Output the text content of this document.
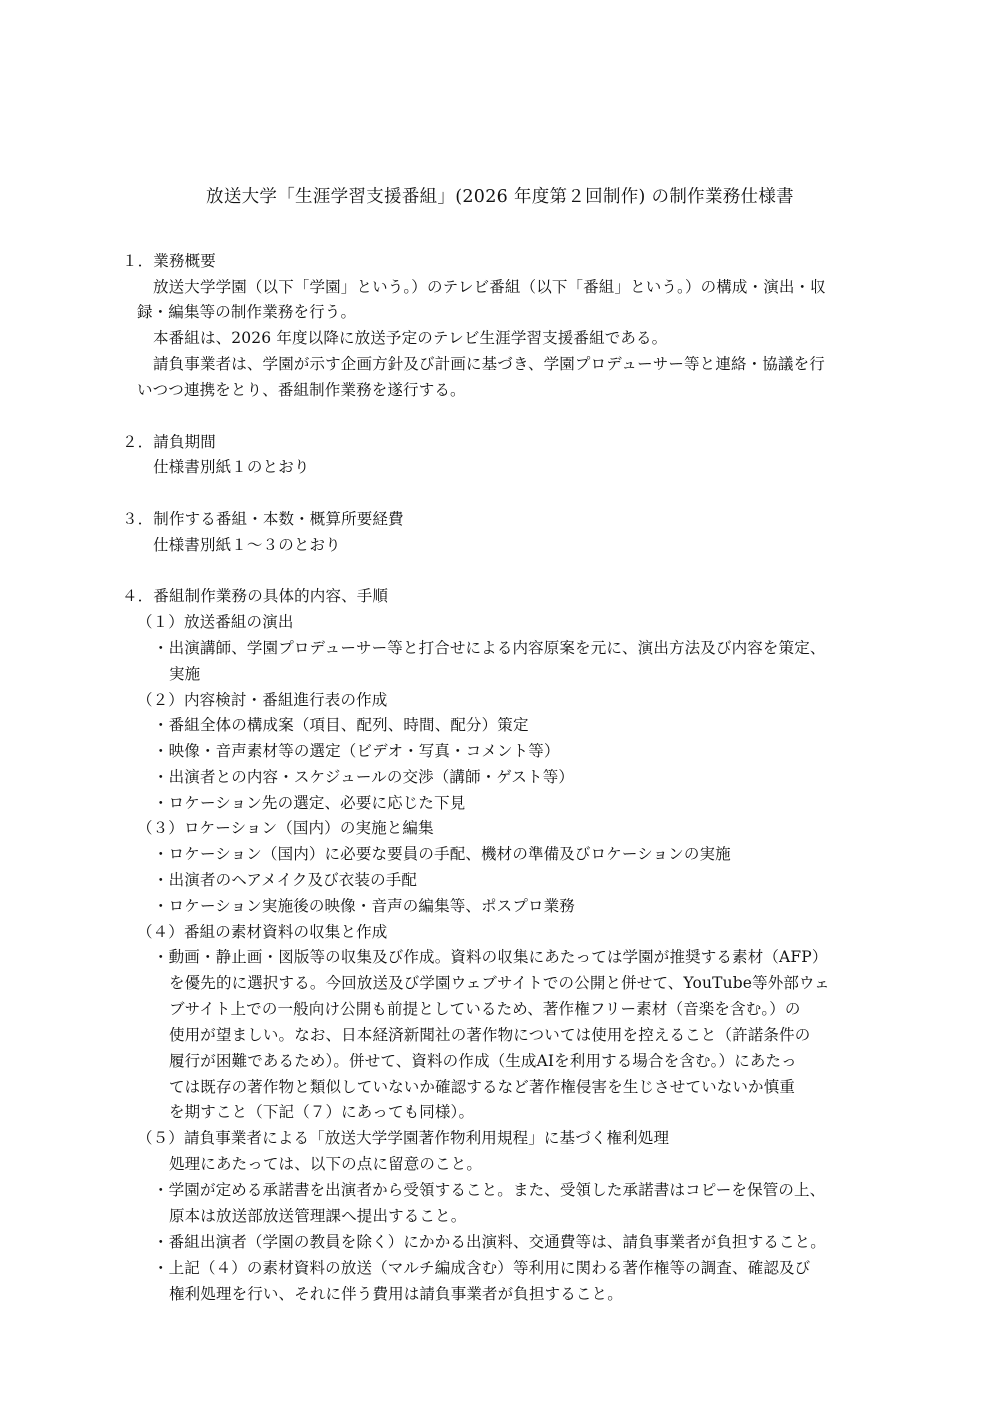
放送大学「生涯学習支援番組」(2026 年度第２回制作) の制作業務仕様書
１．業務概要
放送大学学園（以下「学園」という。）のテレビ番組（以下「番組」という。）の構成・演出・収
録・編集等の制作業務を行う。
本番組は、2026 年度以降に放送予定のテレビ生涯学習支援番組である。
請負事業者は、学園が示す企画方針及び計画に基づき、学園プロデューサー等と連絡・協議を行
いつつ連携をとり、番組制作業務を遂行する。
２．請負期間
仕様書別紙１のとおり
３．制作する番組・本数・概算所要経費
仕様書別紙１～３のとおり
４．番組制作業務の具体的内容、手順
（１）放送番組の演出
・出演講師、学園プロデューサー等と打合せによる内容原案を元に、演出方法及び内容を策定、
実施
（２）内容検討・番組進行表の作成
・番組全体の構成案（項目、配列、時間、配分）策定
・映像・音声素材等の選定（ビデオ・写真・コメント等）
・出演者との内容・スケジュールの交渉（講師・ゲスト等）
・ロケーション先の選定、必要に応じた下見
（３）ロケーション（国内）の実施と編集
・ロケーション（国内）に必要な要員の手配、機材の準備及びロケーションの実施
・出演者のヘアメイク及び衣装の手配
・ロケーション実施後の映像・音声の編集等、ポスプロ業務
（４）番組の素材資料の収集と作成
・動画・静止画・図版等の収集及び作成。資料の収集にあたっては学園が推奨する素材（AFP）
を優先的に選択する。今回放送及び学園ウェブサイトでの公開と併せて、YouTube等外部ウェ
ブサイト上での一般向け公開も前提としているため、著作権フリー素材（音楽を含む。）の
使用が望ましい。なお、日本経済新聞社の著作物については使用を控えること（許諾条件の
履行が困難であるため）。併せて、資料の作成（生成AIを利用する場合を含む。）にあたっ
ては既存の著作物と類似していないか確認するなど著作権侵害を生じさせていないか慎重
を期すこと（下記（７）にあっても同様）。
（５）請負事業者による「放送大学学園著作物利用規程」に基づく権利処理
処理にあたっては、以下の点に留意のこと。
・学園が定める承諾書を出演者から受領すること。また、受領した承諾書はコピーを保管の上、
原本は放送部放送管理課へ提出すること。
・番組出演者（学園の教員を除く）にかかる出演料、交通費等は、請負事業者が負担すること。
・上記（４）の素材資料の放送（マルチ編成含む）等利用に関わる著作権等の調査、確認及び
権利処理を行い、それに伴う費用は請負事業者が負担すること。
